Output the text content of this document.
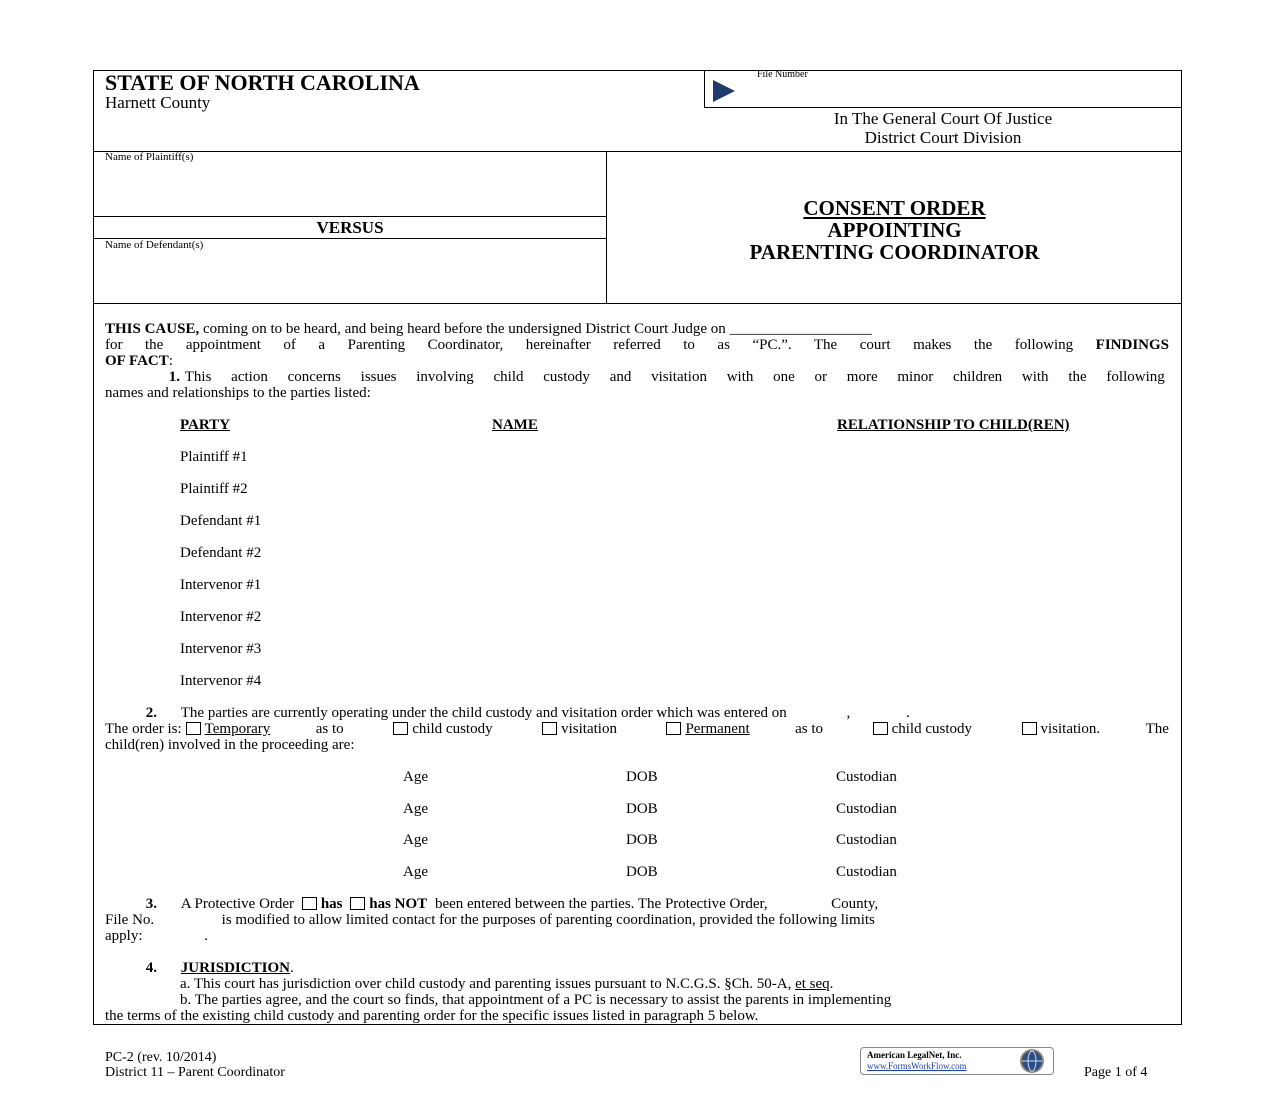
STATE OF NORTH CAROLINA
Harnett County
File Number
In The General Court Of Justice
District Court Division
Name of Plaintiff(s)
VERSUS
Name of Defendant(s)
CONSENT ORDER
APPOINTING
PARENTING COORDINATOR
THIS CAUSE, coming on to be heard, and being heard before the undersigned District Court Judge on ___________________
for the appointment of a Parenting Coordinator, hereinafter referred to as “PC.”. The court makes the following FINDINGS
OF FACT:
1. This action concerns issues involving child custody and visitation with one or more minor children with the following
names and relationships to the parties listed:
PARTY	NAME	RELATIONSHIP TO CHILD(REN)
Plaintiff #1
Plaintiff #2
Defendant #1
Defendant #2
Intervenor #1
Intervenor #2
Intervenor #3
Intervenor #4
2. The parties are currently operating under the child custody and visitation order which was entered on	,	.
The order is: Temporary	as to	child custody	visitation	Permanent	as to	child custody	visitation.	The
child(ren) involved in the proceeding are:
Age	DOB	Custodian
Age	DOB	Custodian
Age	DOB	Custodian
Age	DOB	Custodian
3. A Protective Order has has NOT been entered between the parties. The Protective Order,	County,
File No.	is modified to allow limited contact for the purposes of parenting coordination, provided the following limits
apply:	.
4. JURISDICTION.
a. This court has jurisdiction over child custody and parenting issues pursuant to N.C.G.S. §Ch. 50-A, et seq.
b. The parties agree, and the court so finds, that appointment of a PC is necessary to assist the parents in implementing
the terms of the existing child custody and parenting order for the specific issues listed in paragraph 5 below.
PC-2 (rev. 10/2014)
District 11 – Parent Coordinator
American LegalNet, Inc.
www.FormsWorkFlow.com	Page 1 of 4
